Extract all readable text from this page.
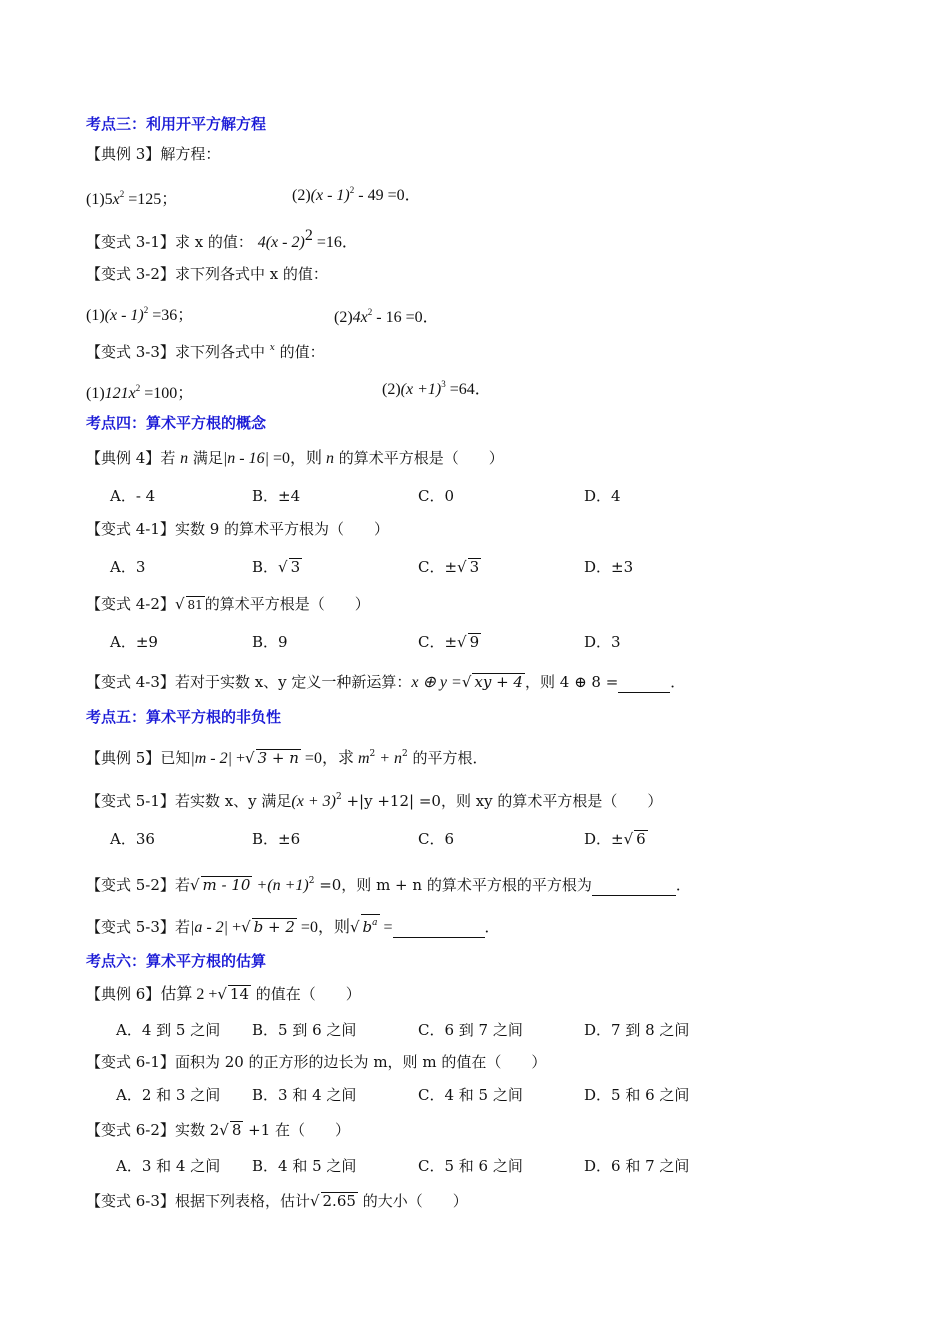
考点三：利用开平方解方程
【典例 3】解方程：
$(1)5x^2 =125$；	(2)(x - 1)$^2$ - 49 =0．
【变式 3-1】求 x 的值： 4(x - 2)$^2$ =16．
【变式 3-2】求下列各式中 x 的值：
(1)(x - 1)$^2$ =36；	$(2)4x^2 - 16 =0$．
【变式 3-3】求下列各式中 $^x$ 的值：
$(1)121x^2 =100$；	$(2)(x +1)^3 =64$．
考点四：算术平方根的概念
【典例 4】若 n 满足|n - 16| =0，则 n 的算术平方根是（　　）
A．- 4	B．±4	C．0	D．4
【变式 4-1】实数 9 的算术平方根为（　　）
A．3	B．√ 3	C．±√ 3	D．±3
【变式 4-2】√ 81 的算术平方根是（　　）
A．±9	B．9	C．±√ 9	D．3
【变式 4-3】若对于实数 x、y 定义一种新运算：x ⊕ y =√ xy + 4 ，则 4 ⊕ 8 =	．
考点五：算术平方根的非负性
【典例 5】已知|m - 2| +√ 3 + n =0，求 $m^2 + n^2$ 的平方根．
【变式 5-1】若实数 x、y 满足$(x + 3)^2 +|y +12| =0$，则 xy 的算术平方根是（　　）
A．36	B．±6	C．6	D．±√ 6
【变式 5-2】若√ $m - 10 +(n +1)^2 =0$，则 m + n 的算术平方根的平方根为	．
【变式 5-3】若|a - 2| +√ b + 2 =0，则√ $b^a$ =	．
考点六：算术平方根的估算
【典例 6】估算 2 +√ 14 的值在（　　）
A．4 到 5 之间 B．5 到 6 之间	C．6 到 7 之间	D．7 到 8 之间
【变式 6-1】面积为 20 的正方形的边长为 m，则 m 的值在（　　）
A．2 和 3 之间 B．3 和 4 之间	C．4 和 5 之间	D．5 和 6 之间
【变式 6-2】实数 2√ 8 +1 在（　　）
A．3 和 4 之间 B．4 和 5 之间	C．5 和 6 之间	D．6 和 7 之间
【变式 6-3】根据下列表格，估计√ 2.65 的大小（　　）
